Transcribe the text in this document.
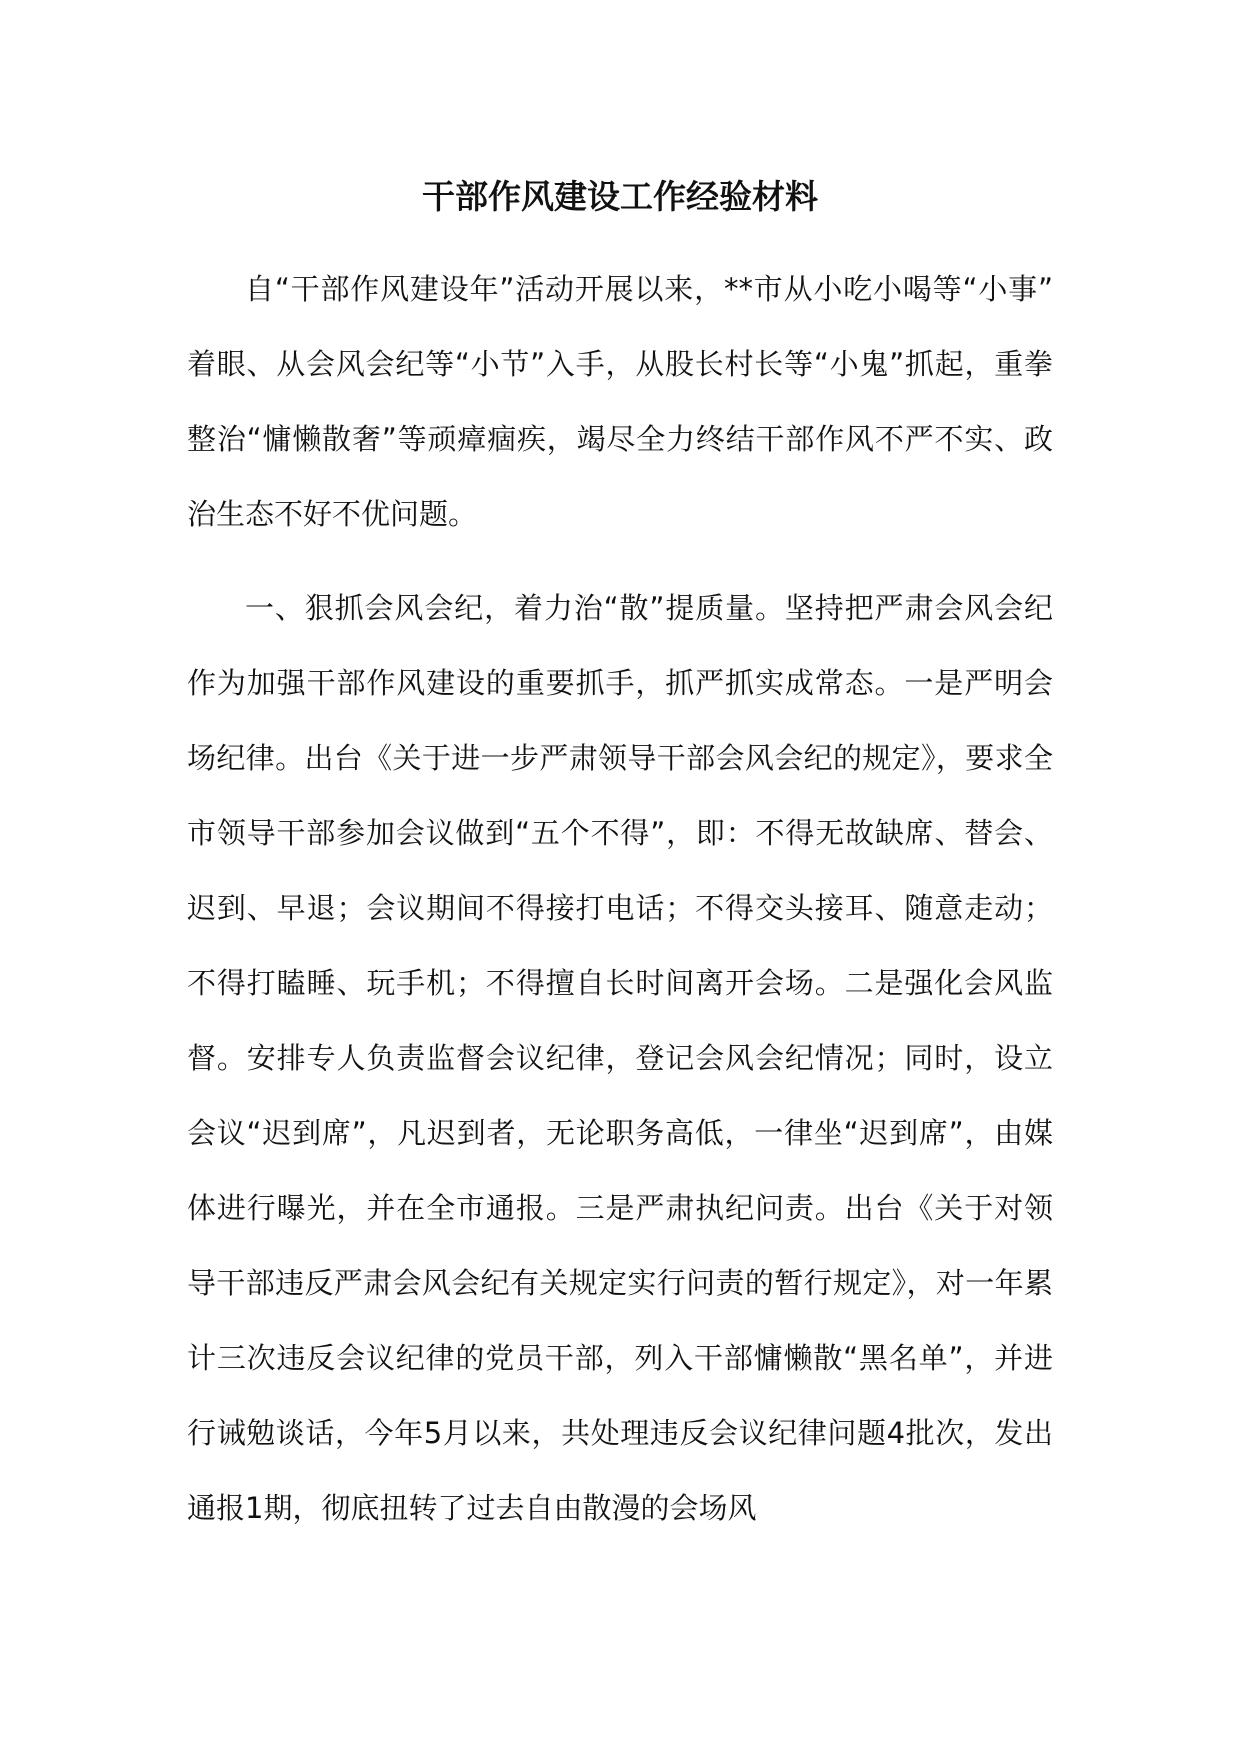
干部作风建设工作经验材料

自“干部作风建设年”活动开展以来，**市从小吃小喝等“小事”着眼、从会风会纪等“小节”入手，从股长村长等“小鬼”抓起，重拳整治“慵懒散奢”等顽瘴痼疾，竭尽全力终结干部作风不严不实、政治生态不好不优问题。

一、狠抓会风会纪，着力治“散”提质量。坚持把严肃会风会纪作为加强干部作风建设的重要抓手，抓严抓实成常态。一是严明会场纪律。出台《关于进一步严肃领导干部会风会纪的规定》，要求全市领导干部参加会议做到“五个不得”，即：不得无故缺席、替会、迟到、早退；会议期间不得接打电话；不得交头接耳、随意走动；不得打瞌睡、玩手机；不得擅自长时间离开会场。二是强化会风监督。安排专人负责监督会议纪律，登记会风会纪情况；同时，设立会议“迟到席”，凡迟到者，无论职务高低，一律坐“迟到席”，由媒体进行曝光，并在全市通报。三是严肃执纪问责。出台《关于对领导干部违反严肃会风会纪有关规定实行问责的暂行规定》，对一年累计三次违反会议纪律的党员干部，列入干部慵懒散“黑名单”，并进行诫勉谈话，今年5月以来，共处理违反会议纪律问题4批次，发出通报1期，彻底扭转了过去自由散漫的会场风
